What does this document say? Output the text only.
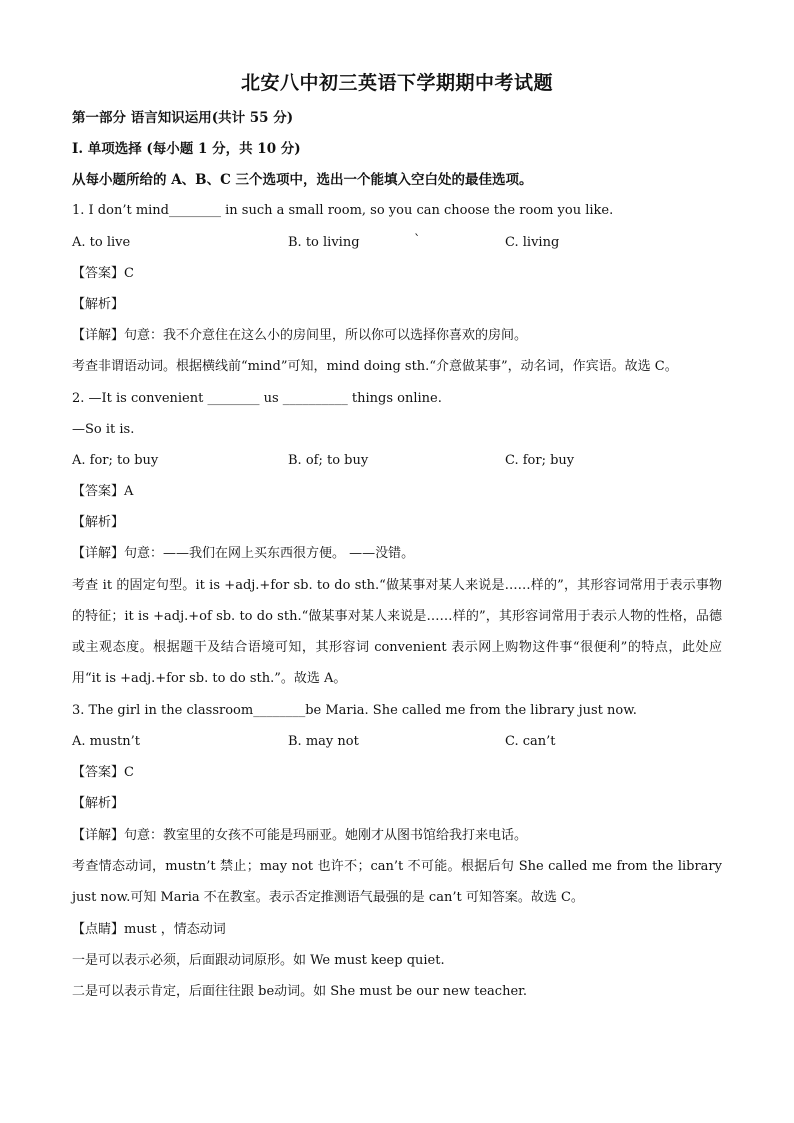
北安八中初三英语下学期期中考试题
第一部分 语言知识运用(共计 55 分)
I. 单项选择 (每小题 1 分，共 10 分)
从每小题所给的 A、B、C 三个选项中，选出一个能填入空白处的最佳选项。
1. I don’t mind________ in such a small room, so you can choose the room you like.
A. to live	B. to living	`	C. living
【答案】C
【解析】
【详解】句意：我不介意住在这么小的房间里，所以你可以选择你喜欢的房间。
考查非谓语动词。根据横线前“mind”可知，mind doing sth.“介意做某事”，动名词，作宾语。故选 C。
2. —It is convenient ________ us __________ things online.
—So it is.
A. for; to buy	B. of; to buy	C. for; buy
【答案】A
【解析】
【详解】句意：——我们在网上买东西很方便。 ——没错。
考查 it 的固定句型。it is +adj.+for sb. to do sth.“做某事对某人来说是……样的”，其形容词常用于表示事物的特征；it is +adj.+of sb. to do sth.“做某事对某人来说是……样的”，其形容词常用于表示人物的性格，品德或主观态度。根据题干及结合语境可知，其形容词 convenient 表示网上购物这件事“很便利”的特点，此处应用“it is +adj.+for sb. to do sth.”。故选 A。
3. The girl in the classroom________be Maria. She called me from the library just now.
A. mustn’t	B. may not	C. can’t
【答案】C
【解析】
【详解】句意：教室里的女孩不可能是玛丽亚。她刚才从图书馆给我打来电话。
考查情态动词，mustn’t 禁止；may not 也许不；can’t 不可能。根据后句 She called me from the library just now.可知 Maria 不在教室。表示否定推测语气最强的是 can’t 可知答案。故选 C。
【点睛】must ，情态动词
一是可以表示必须，后面跟动词原形。如 We must keep quiet.
二是可以表示肯定，后面往往跟 be动词。如 She must be our new teacher.
